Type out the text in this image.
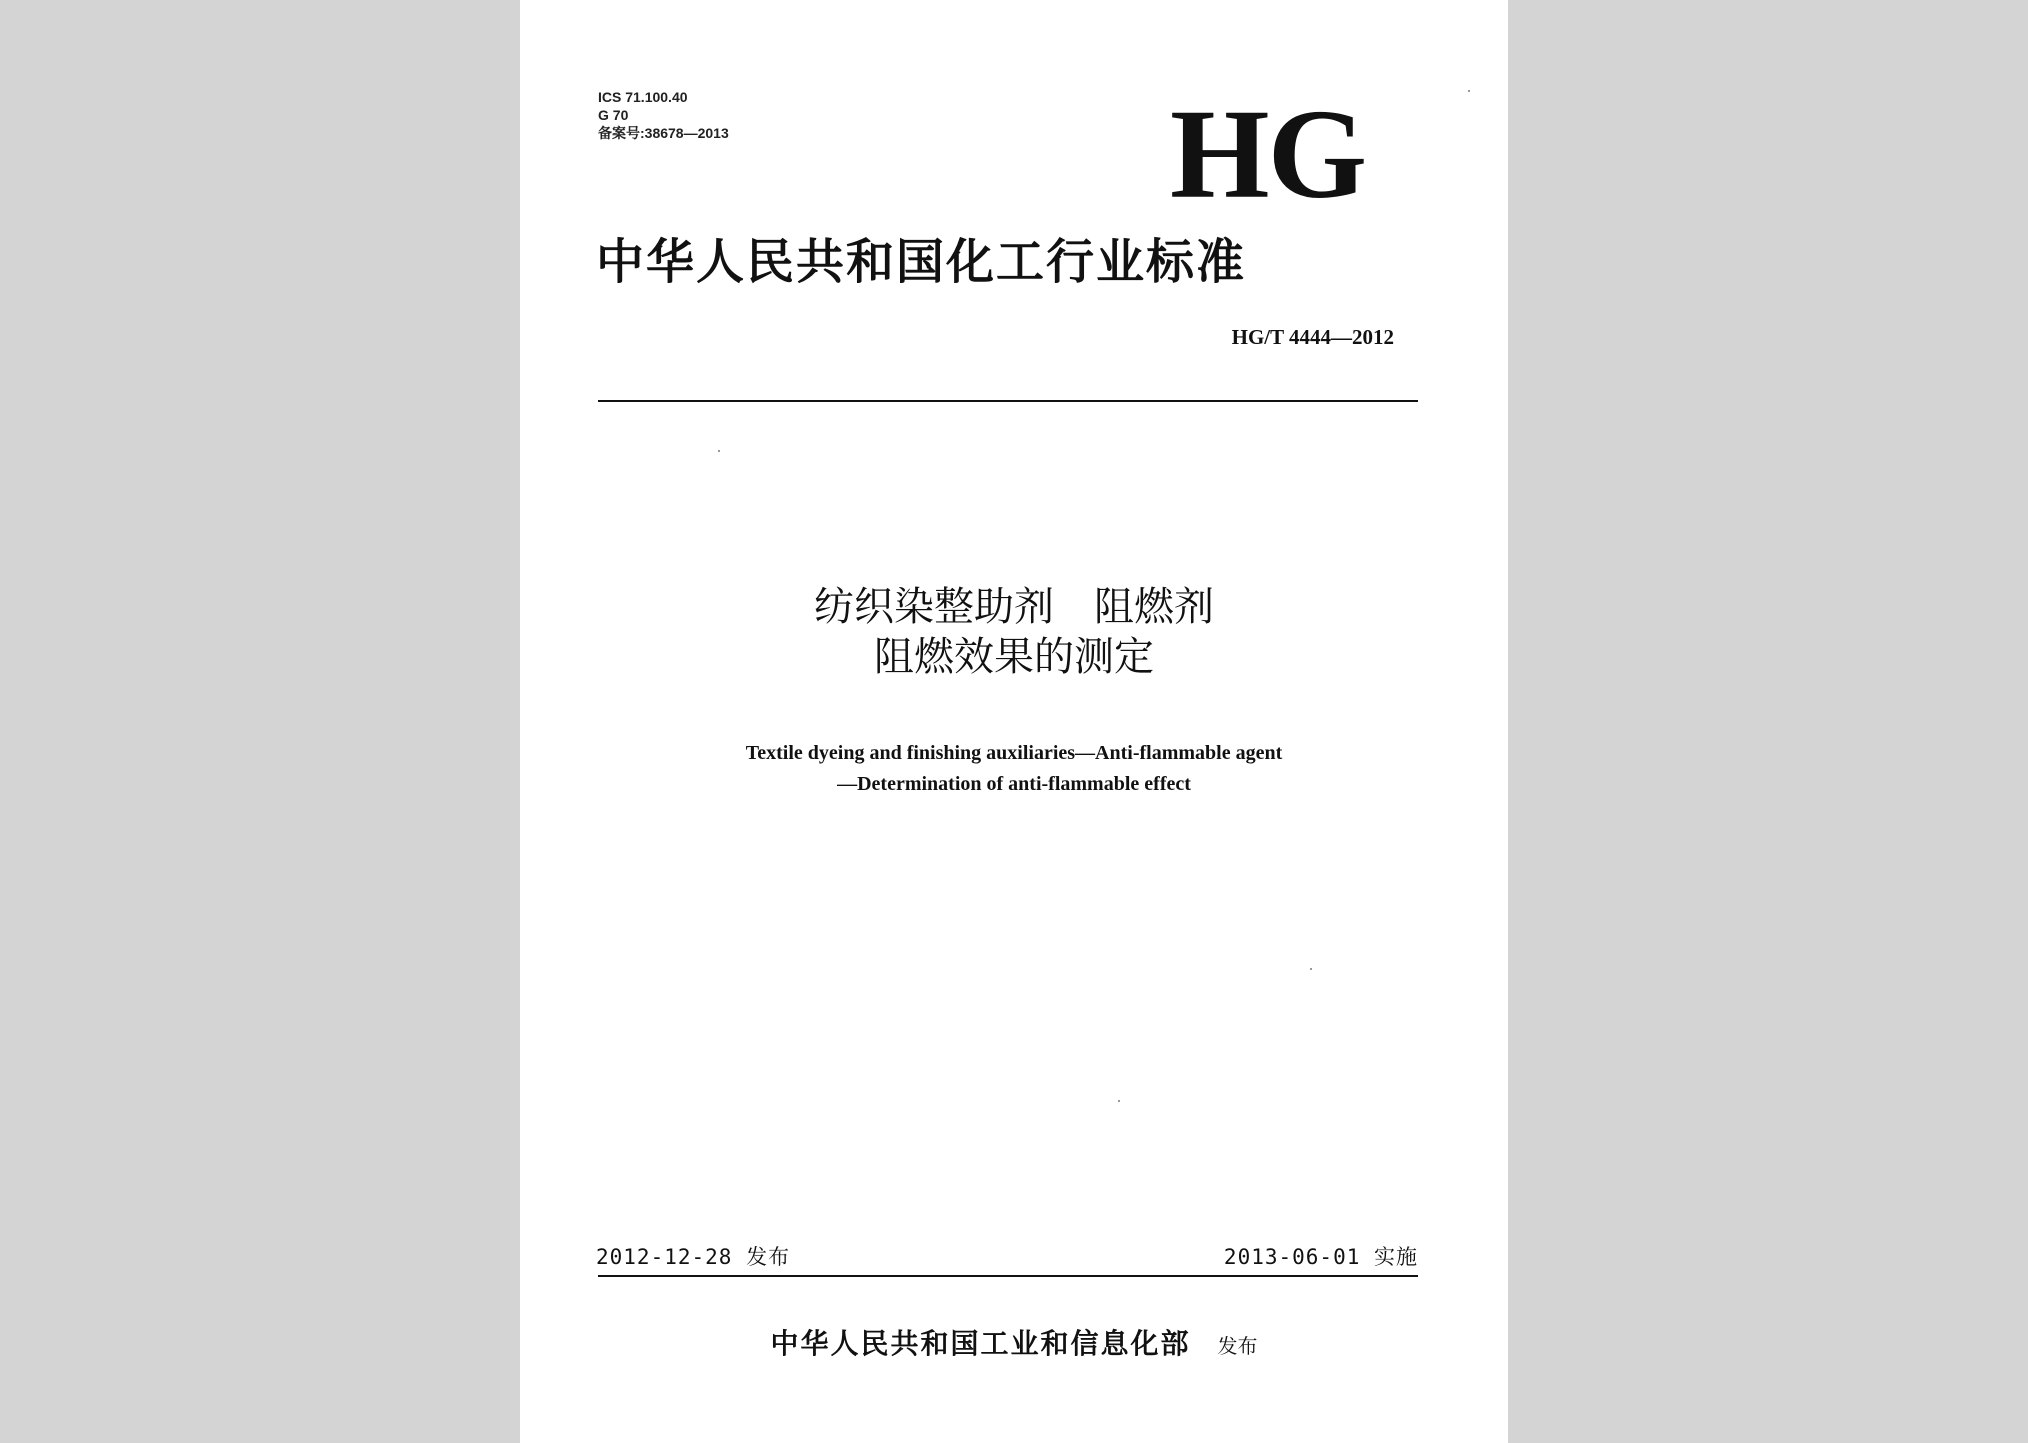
ICS 71.100.40
G 70
备案号:38678—2013	HG
中华人民共和国化工行业标准
HG/T 4444—2012
纺织染整助剂　阻燃剂
阻燃效果的测定
Textile dyeing and finishing auxiliaries—Anti-flammable agent
—Determination of anti-flammable effect
2012-12-28 发布	2013-06-01 实施
中华人民共和国工业和信息化部 发布
